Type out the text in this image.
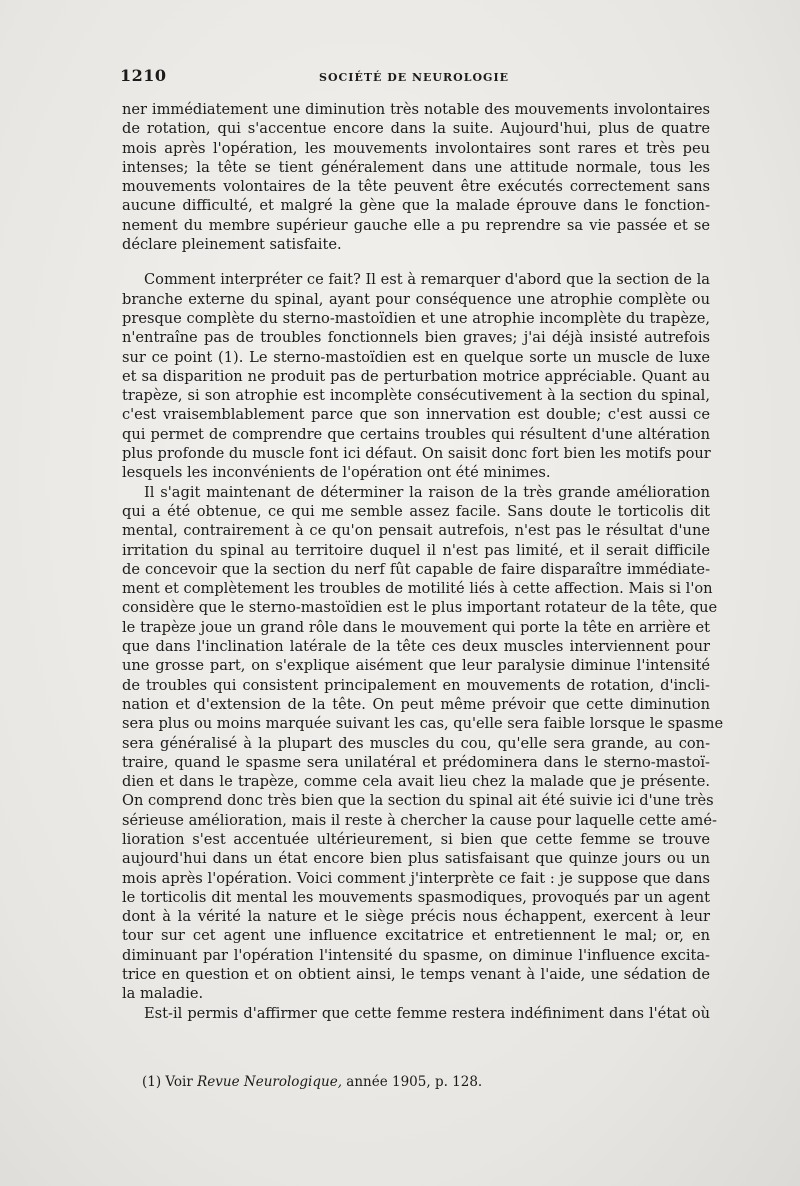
1210	SOCIÉTÉ DE NEUROLOGIE
ner immédiatement une diminution très notable des mouvements involontaires
de rotation, qui s'accentue encore dans la suite. Aujourd'hui, plus de quatre
mois après l'opération, les mouvements involontaires sont rares et très peu
intenses; la tête se tient généralement dans une attitude normale, tous les
mouvements volontaires de la tête peuvent être exécutés correctement sans
aucune difficulté, et malgré la gène que la malade éprouve dans le fonction-
nement du membre supérieur gauche elle a pu reprendre sa vie passée et se
déclare pleinement satisfaite.
Comment interpréter ce fait? Il est à remarquer d'abord que la section de la
branche externe du spinal, ayant pour conséquence une atrophie complète ou
presque complète du sterno-mastoïdien et une atrophie incomplète du trapèze,
n'entraîne pas de troubles fonctionnels bien graves; j'ai déjà insisté autrefois
sur ce point (1). Le sterno-mastoïdien est en quelque sorte un muscle de luxe
et sa disparition ne produit pas de perturbation motrice appréciable. Quant au
trapèze, si son atrophie est incomplète consécutivement à la section du spinal,
c'est vraisemblablement parce que son innervation est double; c'est aussi ce
qui permet de comprendre que certains troubles qui résultent d'une altération
plus profonde du muscle font ici défaut. On saisit donc fort bien les motifs pour
lesquels les inconvénients de l'opération ont été minimes.
Il s'agit maintenant de déterminer la raison de la très grande amélioration
qui a été obtenue, ce qui me semble assez facile. Sans doute le torticolis dit
mental, contrairement à ce qu'on pensait autrefois, n'est pas le résultat d'une
irritation du spinal au territoire duquel il n'est pas limité, et il serait difficile
de concevoir que la section du nerf fût capable de faire disparaître immédiate-
ment et complètement les troubles de motilité liés à cette affection. Mais si l'on
considère que le sterno-mastoïdien est le plus important rotateur de la tête, que
le trapèze joue un grand rôle dans le mouvement qui porte la tête en arrière et
que dans l'inclination latérale de la tête ces deux muscles interviennent pour
une grosse part, on s'explique aisément que leur paralysie diminue l'intensité
de troubles qui consistent principalement en mouvements de rotation, d'incli-
nation et d'extension de la tête. On peut même prévoir que cette diminution
sera plus ou moins marquée suivant les cas, qu'elle sera faible lorsque le spasme
sera généralisé à la plupart des muscles du cou, qu'elle sera grande, au con-
traire, quand le spasme sera unilatéral et prédominera dans le sterno-mastoï-
dien et dans le trapèze, comme cela avait lieu chez la malade que je présente.
On comprend donc très bien que la section du spinal ait été suivie ici d'une très
sérieuse amélioration, mais il reste à chercher la cause pour laquelle cette amé-
lioration s'est accentuée ultérieurement, si bien que cette femme se trouve
aujourd'hui dans un état encore bien plus satisfaisant que quinze jours ou un
mois après l'opération. Voici comment j'interprète ce fait : je suppose que dans
le torticolis dit mental les mouvements spasmodiques, provoqués par un agent
dont à la vérité la nature et le siège précis nous échappent, exercent à leur
tour sur cet agent une influence excitatrice et entretiennent le mal; or, en
diminuant par l'opération l'intensité du spasme, on diminue l'influence excita-
trice en question et on obtient ainsi, le temps venant à l'aide, une sédation de
la maladie.
Est-il permis d'affirmer que cette femme restera indéfiniment dans l'état où
(1) Voir Revue Neurologique, année 1905, p. 128.
